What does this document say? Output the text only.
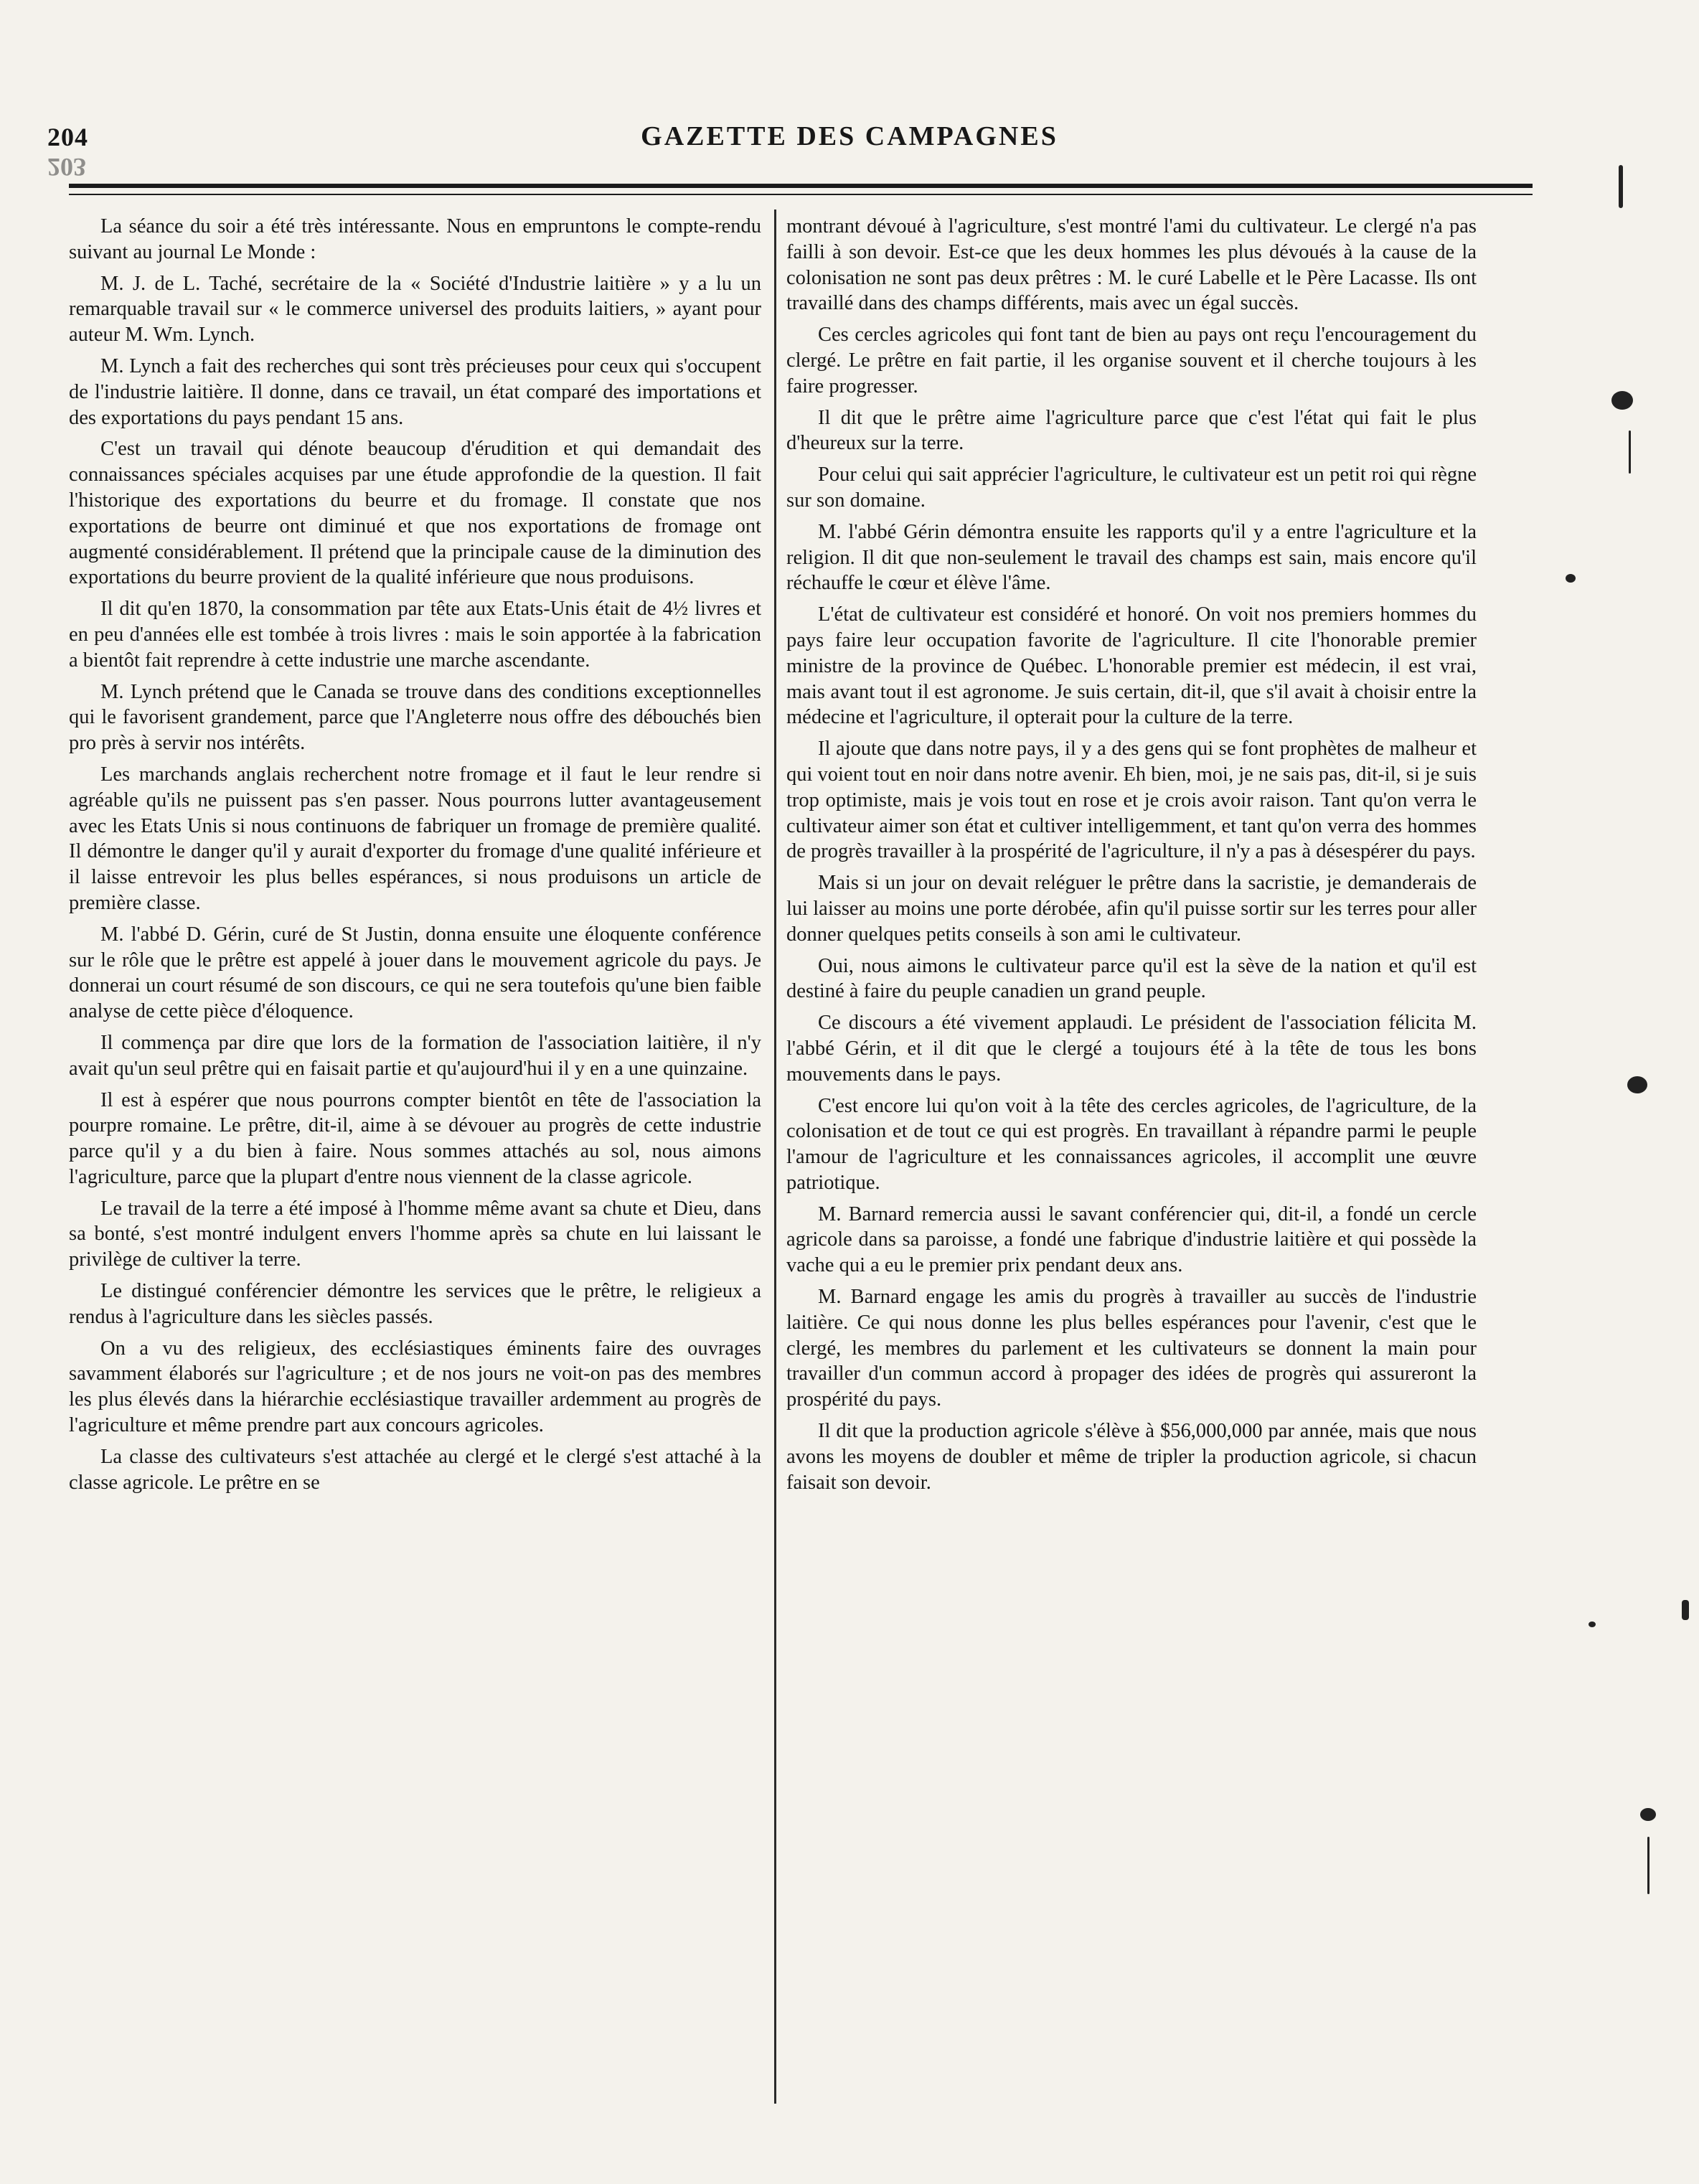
204
203
GAZETTE DES CAMPAGNES

La séance du soir a été très intéressante. Nous en empruntons le compte-rendu suivant au journal Le Monde :

M. J. de L. Taché, secrétaire de la « Société d'Industrie laitière » y a lu un remarquable travail sur « le commerce universel des produits laitiers, » ayant pour auteur M. Wm. Lynch.

M. Lynch a fait des recherches qui sont très précieuses pour ceux qui s'occupent de l'industrie laitière. Il donne, dans ce travail, un état comparé des importations et des exportations du pays pendant 15 ans.

C'est un travail qui dénote beaucoup d'érudition et qui demandait des connaissances spéciales acquises par une étude approfondie de la question. Il fait l'historique des exportations du beurre et du fromage. Il constate que nos exportations de beurre ont diminué et que nos exportations de fromage ont augmenté considérablement. Il prétend que la principale cause de la diminution des exportations du beurre provient de la qualité inférieure que nous produisons.

Il dit qu'en 1870, la consommation par tête aux Etats-Unis était de 4½ livres et en peu d'années elle est tombée à trois livres : mais le soin apportée à la fabrication a bientôt fait reprendre à cette industrie une marche ascendante.

M. Lynch prétend que le Canada se trouve dans des conditions exceptionnelles qui le favorisent grandement, parce que l'Angleterre nous offre des débouchés bien pro près à servir nos intérêts.

Les marchands anglais recherchent notre fromage et il faut le leur rendre si agréable qu'ils ne puissent pas s'en passer. Nous pourrons lutter avantageusement avec les Etats Unis si nous continuons de fabriquer un fromage de première qualité. Il démontre le danger qu'il y aurait d'exporter du fromage d'une qualité inférieure et il laisse entrevoir les plus belles espérances, si nous produisons un article de première classe.

M. l'abbé D. Gérin, curé de St Justin, donna ensuite une éloquente conférence sur le rôle que le prêtre est appelé à jouer dans le mouvement agricole du pays. Je donnerai un court résumé de son discours, ce qui ne sera toutefois qu'une bien faible analyse de cette pièce d'éloquence.

Il commença par dire que lors de la formation de l'association laitière, il n'y avait qu'un seul prêtre qui en faisait partie et qu'aujourd'hui il y en a une quinzaine.

Il est à espérer que nous pourrons compter bientôt en tête de l'association la pourpre romaine. Le prêtre, dit-il, aime à se dévouer au progrès de cette industrie parce qu'il y a du bien à faire. Nous sommes attachés au sol, nous aimons l'agriculture, parce que la plupart d'entre nous viennent de la classe agricole.

Le travail de la terre a été imposé à l'homme même avant sa chute et Dieu, dans sa bonté, s'est montré indulgent envers l'homme après sa chute en lui laissant le privilège de cultiver la terre.

Le distingué conférencier démontre les services que le prêtre, le religieux a rendus à l'agriculture dans les siècles passés.

On a vu des religieux, des ecclésiastiques éminents faire des ouvrages savamment élaborés sur l'agriculture ; et de nos jours ne voit-on pas des membres les plus élevés dans la hiérarchie ecclésiastique travailler ardemment au progrès de l'agriculture et même prendre part aux concours agricoles.

La classe des cultivateurs s'est attachée au clergé et le clergé s'est attaché à la classe agricole. Le prêtre en se

montrant dévoué à l'agriculture, s'est montré l'ami du cultivateur. Le clergé n'a pas failli à son devoir. Est-ce que les deux hommes les plus dévoués à la cause de la colonisation ne sont pas deux prêtres : M. le curé Labelle et le Père Lacasse. Ils ont travaillé dans des champs différents, mais avec un égal succès.

Ces cercles agricoles qui font tant de bien au pays ont reçu l'encouragement du clergé. Le prêtre en fait partie, il les organise souvent et il cherche toujours à les faire progresser.

Il dit que le prêtre aime l'agriculture parce que c'est l'état qui fait le plus d'heureux sur la terre.

Pour celui qui sait apprécier l'agriculture, le cultivateur est un petit roi qui règne sur son domaine.

M. l'abbé Gérin démontra ensuite les rapports qu'il y a entre l'agriculture et la religion. Il dit que non-seulement le travail des champs est sain, mais encore qu'il réchauffe le cœur et élève l'âme.

L'état de cultivateur est considéré et honoré. On voit nos premiers hommes du pays faire leur occupation favorite de l'agriculture. Il cite l'honorable premier ministre de la province de Québec. L'honorable premier est médecin, il est vrai, mais avant tout il est agronome. Je suis certain, dit-il, que s'il avait à choisir entre la médecine et l'agriculture, il opterait pour la culture de la terre.

Il ajoute que dans notre pays, il y a des gens qui se font prophètes de malheur et qui voient tout en noir dans notre avenir. Eh bien, moi, je ne sais pas, dit-il, si je suis trop optimiste, mais je vois tout en rose et je crois avoir raison. Tant qu'on verra le cultivateur aimer son état et cultiver intelligemment, et tant qu'on verra des hommes de progrès travailler à la prospérité de l'agriculture, il n'y a pas à désespérer du pays.

Mais si un jour on devait reléguer le prêtre dans la sacristie, je demanderais de lui laisser au moins une porte dérobée, afin qu'il puisse sortir sur les terres pour aller donner quelques petits conseils à son ami le cultivateur.

Oui, nous aimons le cultivateur parce qu'il est la sève de la nation et qu'il est destiné à faire du peuple canadien un grand peuple.

Ce discours a été vivement applaudi. Le président de l'association félicita M. l'abbé Gérin, et il dit que le clergé a toujours été à la tête de tous les bons mouvements dans le pays.

C'est encore lui qu'on voit à la tête des cercles agricoles, de l'agriculture, de la colonisation et de tout ce qui est progrès. En travaillant à répandre parmi le peuple l'amour de l'agriculture et les connaissances agricoles, il accomplit une œuvre patriotique.

M. Barnard remercia aussi le savant conférencier qui, dit-il, a fondé un cercle agricole dans sa paroisse, a fondé une fabrique d'industrie laitière et qui possède la vache qui a eu le premier prix pendant deux ans.

M. Barnard engage les amis du progrès à travailler au succès de l'industrie laitière. Ce qui nous donne les plus belles espérances pour l'avenir, c'est que le clergé, les membres du parlement et les cultivateurs se donnent la main pour travailler d'un commun accord à propager des idées de progrès qui assureront la prospérité du pays.

Il dit que la production agricole s'élève à $56,000,000 par année, mais que nous avons les moyens de doubler et même de tripler la production agricole, si chacun faisait son devoir.
